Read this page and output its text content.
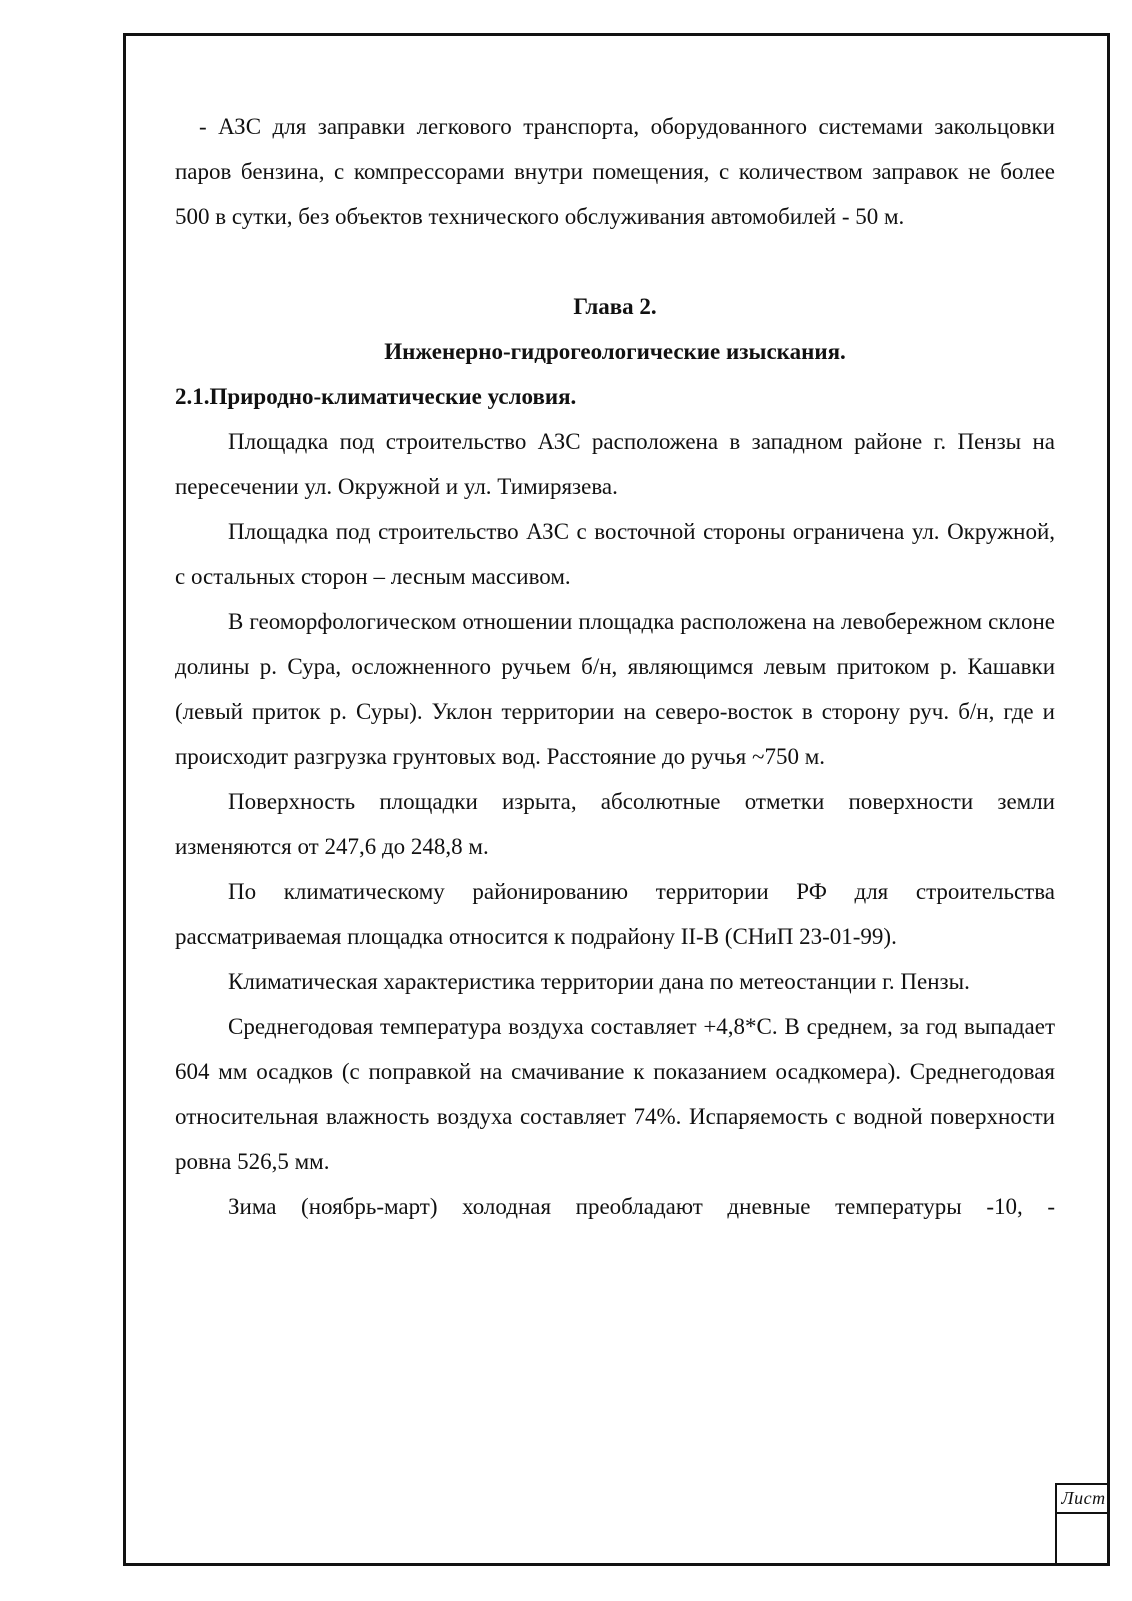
- АЗС для заправки легкового транспорта, оборудованного системами закольцовки паров бензина, с компрессорами внутри помещения, с количеством заправок не более 500 в сутки, без объектов технического обслуживания автомобилей - 50 м.

Глава 2.

Инженерно-гидрогеологические изыскания.

2.1.Природно-климатические условия.

Площадка под строительство АЗС расположена в западном районе г. Пензы на пересечении ул. Окружной и ул. Тимирязева.

Площадка под строительство АЗС с восточной стороны ограничена ул. Окружной, с остальных сторон – лесным массивом.

В геоморфологическом отношении площадка расположена на левобережном склоне долины р. Сура, осложненного ручьем б/н, являющимся левым притоком р. Кашавки (левый приток р. Суры). Уклон территории на северо-восток в сторону руч. б/н, где и происходит разгрузка грунтовых вод. Расстояние до ручья ~750 м.

Поверхность площадки изрыта, абсолютные отметки поверхности земли изменяются от 247,6 до 248,8 м.

По климатическому районированию территории РФ для строительства рассматриваемая площадка относится к подрайону II-В (СНиП 23-01-99).

Климатическая характеристика территории дана по метеостанции г. Пензы.

Среднегодовая температура воздуха составляет +4,8*С. В среднем, за год выпадает 604 мм осадков (с поправкой на смачивание к показанием осадкомера). Среднегодовая относительная влажность воздуха составляет 74%. Испаряемость с водной поверхности ровна 526,5 мм.

Зима (ноябрь-март) холодная преобладают дневные температуры -10, -

Лист
